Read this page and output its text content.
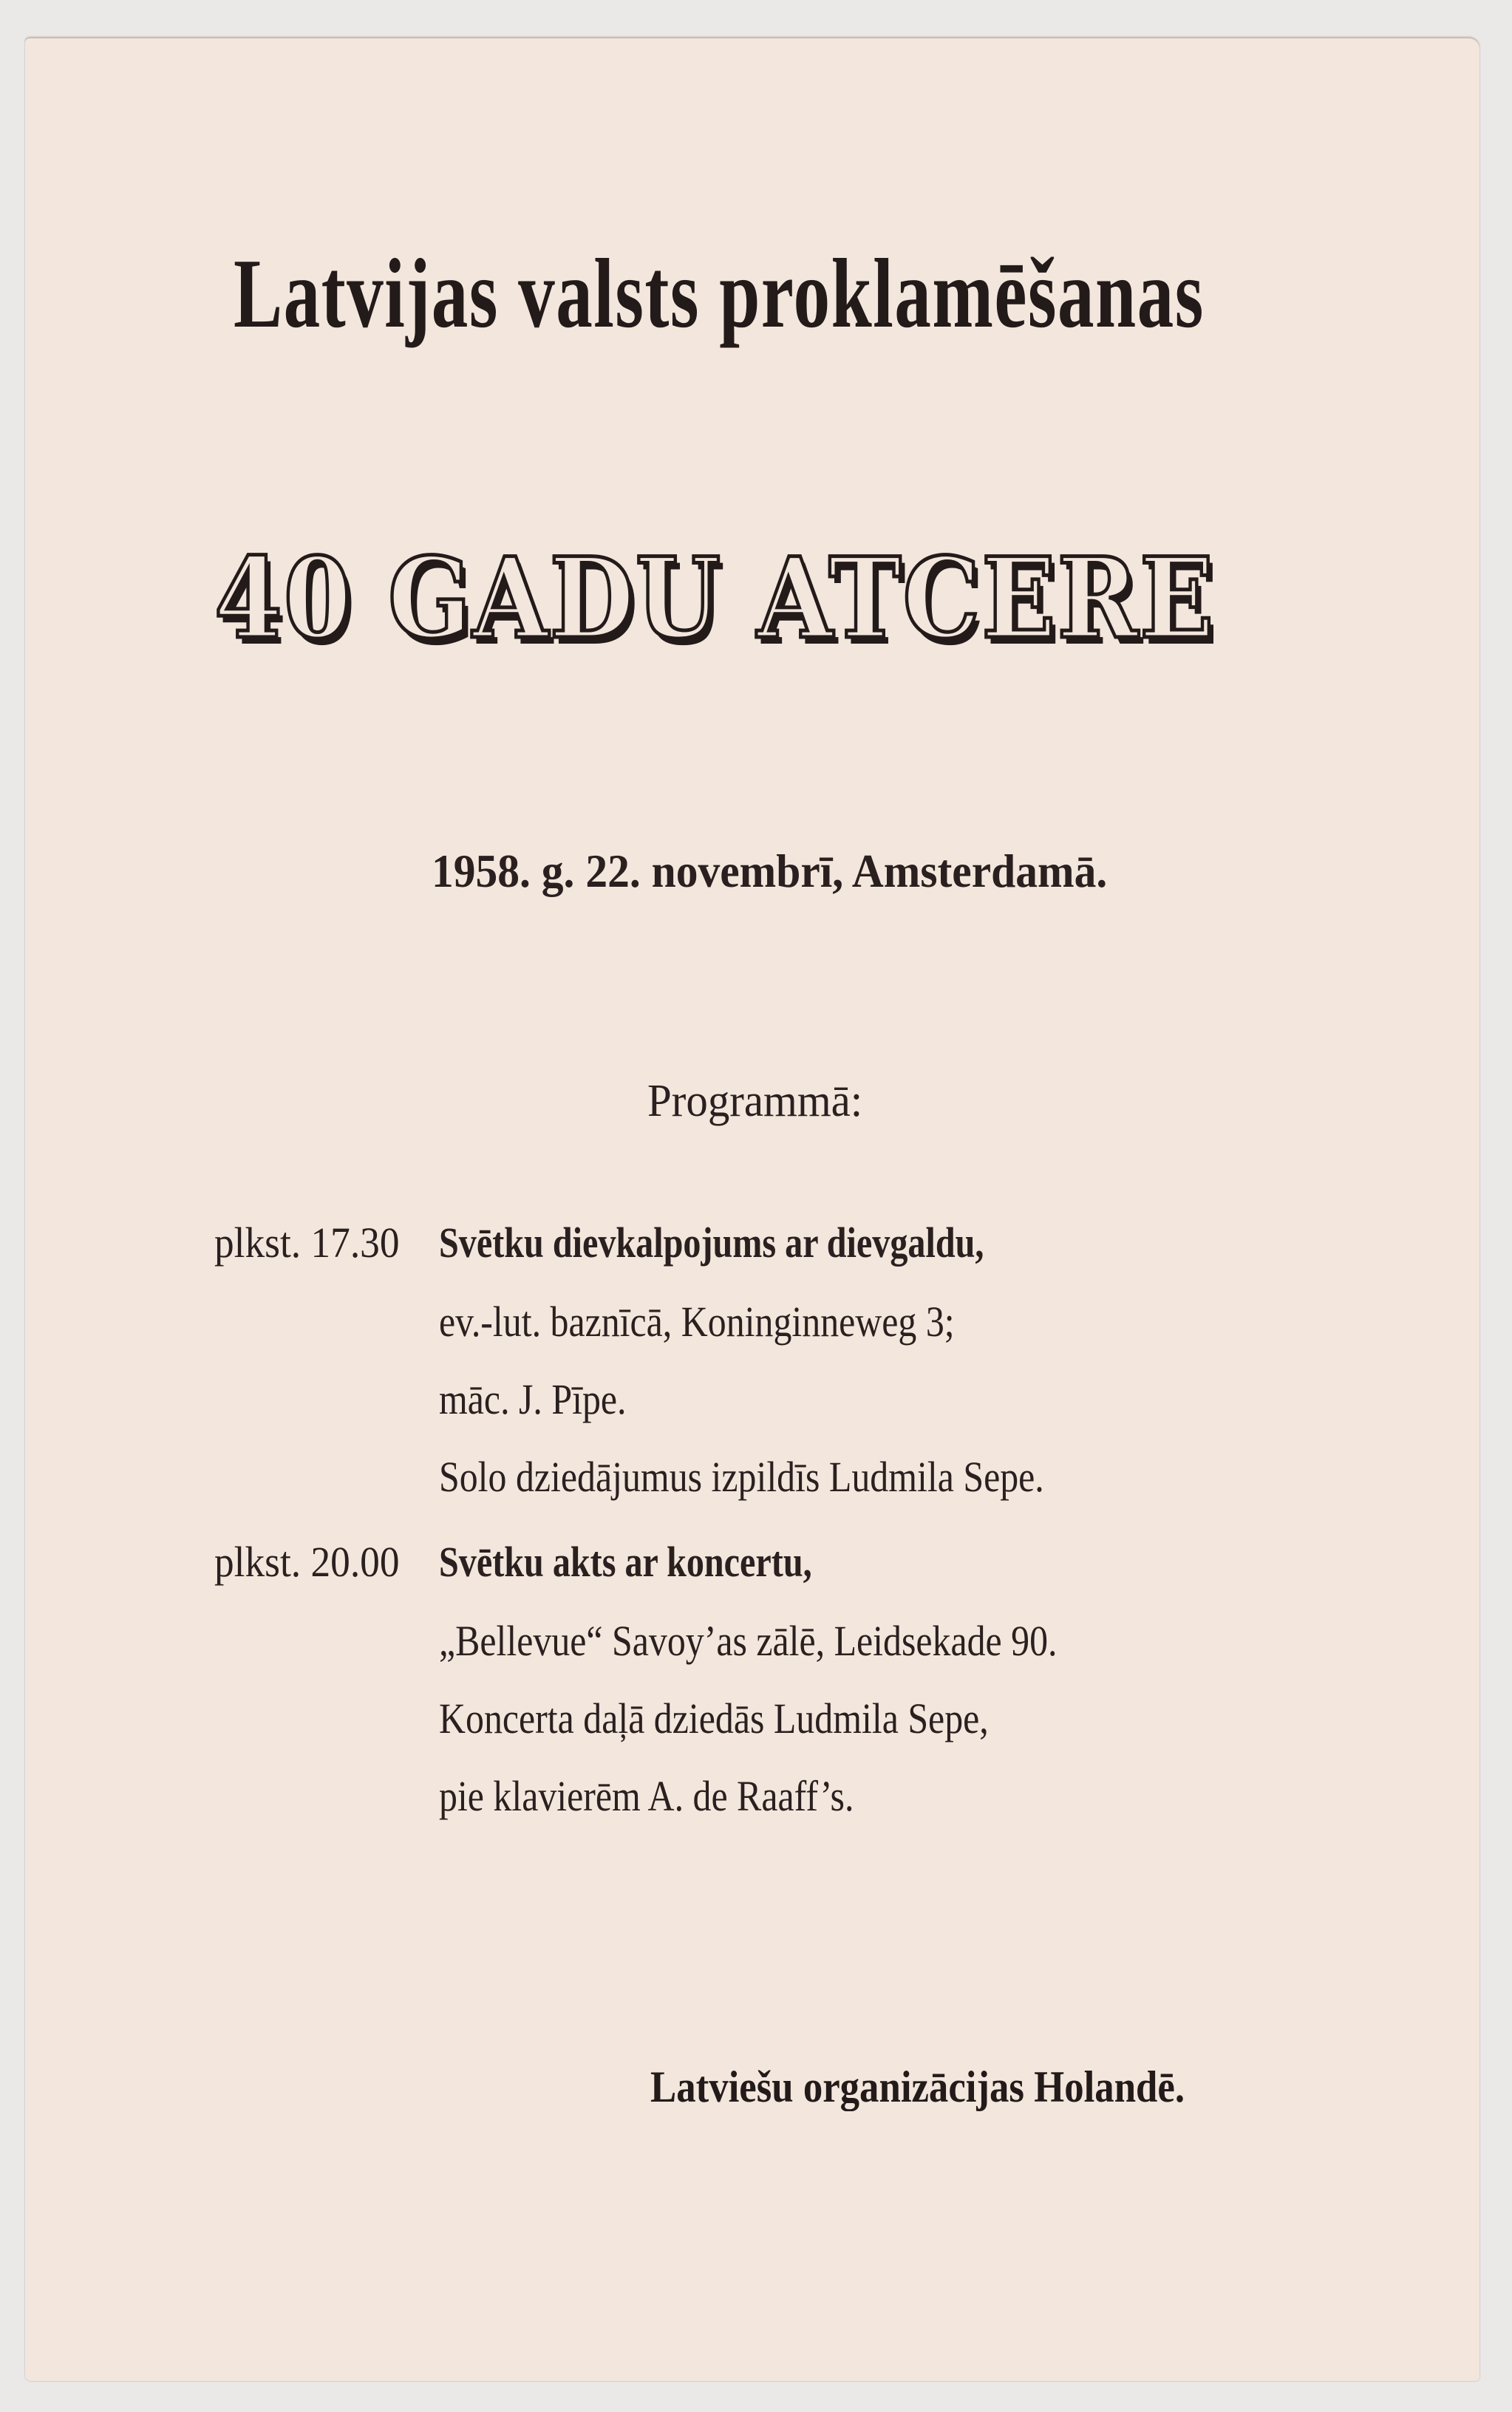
Latvijas valsts proklamēšanas
40 GADU ATCERE
1958. g. 22. novembrī, Amsterdamā.
Programmā:
plkst. 17.30 Svētku dievkalpojums ar dievgaldu,
ev.-lut. baznīcā, Koninginneweg 3;
māc. J. Pīpe.
Solo dziedājumus izpildīs Ludmila Sepe.
plkst. 20.00 Svētku akts ar koncertu,
„Bellevue“ Savoy’as zālē, Leidsekade 90.
Koncerta daļā dziedās Ludmila Sepe,
pie klavierēm A. de Raaff’s.
Latviešu organizācijas Holandē.
